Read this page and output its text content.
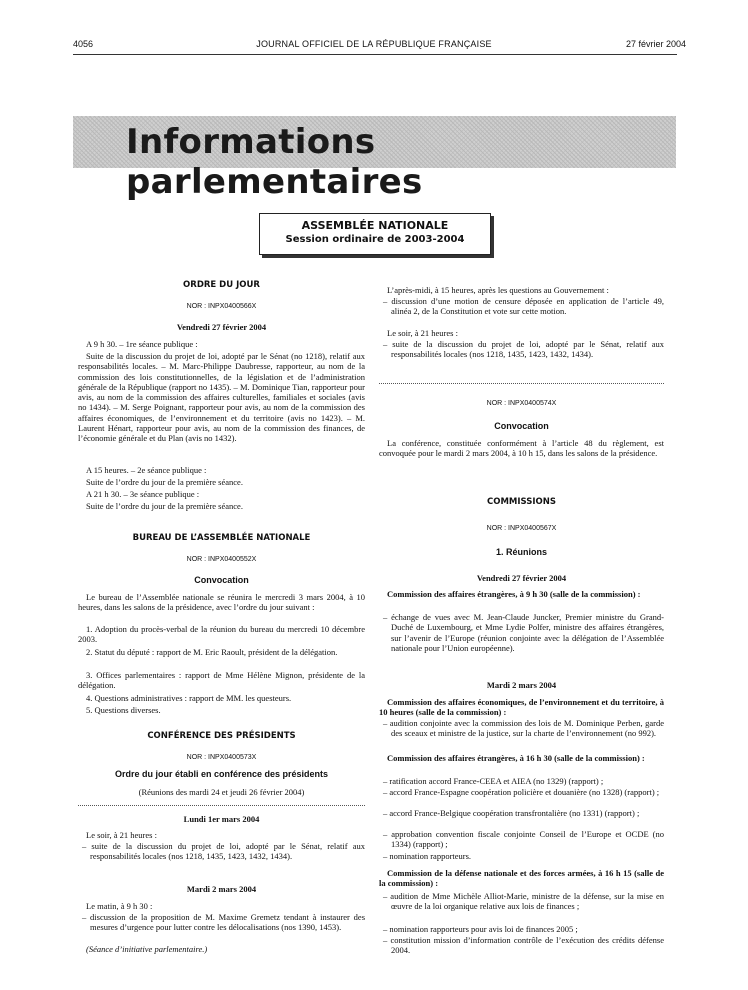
JOURNAL OFFICIEL DE LA RÉPUBLIQUE FRANÇAISE
4056	27 février 2004
Informations parlementaires
ASSEMBLÉE NATIONALE
Session ordinaire de 2003-2004
ORDRE DU JOUR
NOR : INPX0400566X
Vendredi 27 février 2004
A 9 h 30. – 1re séance publique :
Suite de la discussion du projet de loi, adopté par le Sénat (no 1218), relatif aux responsabilités locales. – M. Marc-Philippe Daubresse, rapporteur, au nom de la commission des lois constitutionnelles, de la législation et de l’administration générale de la République (rapport no 1435). – M. Dominique Tian, rapporteur pour avis, au nom de la commission des affaires culturelles, familiales et sociales (avis no 1434). – M. Serge Poignant, rapporteur pour avis, au nom de la commission des affaires économiques, de l’environnement et du territoire (avis no 1423). – M. Laurent Hénart, rapporteur pour avis, au nom de la commission des finances, de l’économie générale et du Plan (avis no 1432).
A 15 heures. – 2e séance publique :
Suite de l’ordre du jour de la première séance.
A 21 h 30. – 3e séance publique :
Suite de l’ordre du jour de la première séance.
BUREAU DE L’ASSEMBLÉE NATIONALE
NOR : INPX0400552X
Convocation
Le bureau de l’Assemblée nationale se réunira le mercredi 3 mars 2004, à 10 heures, dans les salons de la présidence, avec l’ordre du jour suivant :
1. Adoption du procès-verbal de la réunion du bureau du mercredi 10 décembre 2003.
2. Statut du député : rapport de M. Eric Raoult, président de la délégation.
3. Offices parlementaires : rapport de Mme Hélène Mignon, présidente de la délégation.
4. Questions administratives : rapport de MM. les questeurs.
5. Questions diverses.
CONFÉRENCE DES PRÉSIDENTS
NOR : INPX0400573X
Ordre du jour établi en conférence des présidents
(Réunions des mardi 24 et jeudi 26 février 2004)
Lundi 1er mars 2004
Le soir, à 21 heures :
– suite de la discussion du projet de loi, adopté par le Sénat, relatif aux responsabilités locales (nos 1218, 1435, 1423, 1432, 1434).
Mardi 2 mars 2004
Le matin, à 9 h 30 :
– discussion de la proposition de M. Maxime Gremetz tendant à instaurer des mesures d’urgence pour lutter contre les délocalisations (nos 1390, 1453).
(Séance d’initiative parlementaire.)
L’après-midi, à 15 heures, après les questions au Gouvernement :
– discussion d’une motion de censure déposée en application de l’article 49, alinéa 2, de la Constitution et vote sur cette motion.
Le soir, à 21 heures :
– suite de la discussion du projet de loi, adopté par le Sénat, relatif aux responsabilités locales (nos 1218, 1435, 1423, 1432, 1434).
NOR : INPX0400574X
Convocation
La conférence, constituée conformément à l’article 48 du règlement, est convoquée pour le mardi 2 mars 2004, à 10 h 15, dans les salons de la présidence.
COMMISSIONS
NOR : INPX0400567X
1. Réunions
Vendredi 27 février 2004
Commission des affaires étrangères, à 9 h 30 (salle de la commission) :
– échange de vues avec M. Jean-Claude Juncker, Premier ministre du Grand-Duché de Luxembourg, et Mme Lydie Polfer, ministre des affaires étrangères, sur l’avenir de l’Europe (réunion conjointe avec la délégation de l’Assemblée nationale pour l’Union européenne).
Mardi 2 mars 2004
Commission des affaires économiques, de l’environnement et du territoire, à 10 heures (salle de la commission) :
– audition conjointe avec la commission des lois de M. Dominique Perben, garde des sceaux et ministre de la justice, sur la charte de l’environnement (no 992).
Commission des affaires étrangères, à 16 h 30 (salle de la commission) :
– ratification accord France-CEEA et AIEA (no 1329) (rapport) ;
– accord France-Espagne coopération policière et douanière (no 1328) (rapport) ;
– accord France-Belgique coopération transfrontalière (no 1331) (rapport) ;
– approbation convention fiscale conjointe Conseil de l’Europe et OCDE (no 1334) (rapport) ;
– nomination rapporteurs.
Commission de la défense nationale et des forces armées, à 16 h 15 (salle de la commission) :
– audition de Mme Michèle Alliot-Marie, ministre de la défense, sur la mise en œuvre de la loi organique relative aux lois de finances ;
– nomination rapporteurs pour avis loi de finances 2005 ;
– constitution mission d’information contrôle de l’exécution des crédits défense 2004.
